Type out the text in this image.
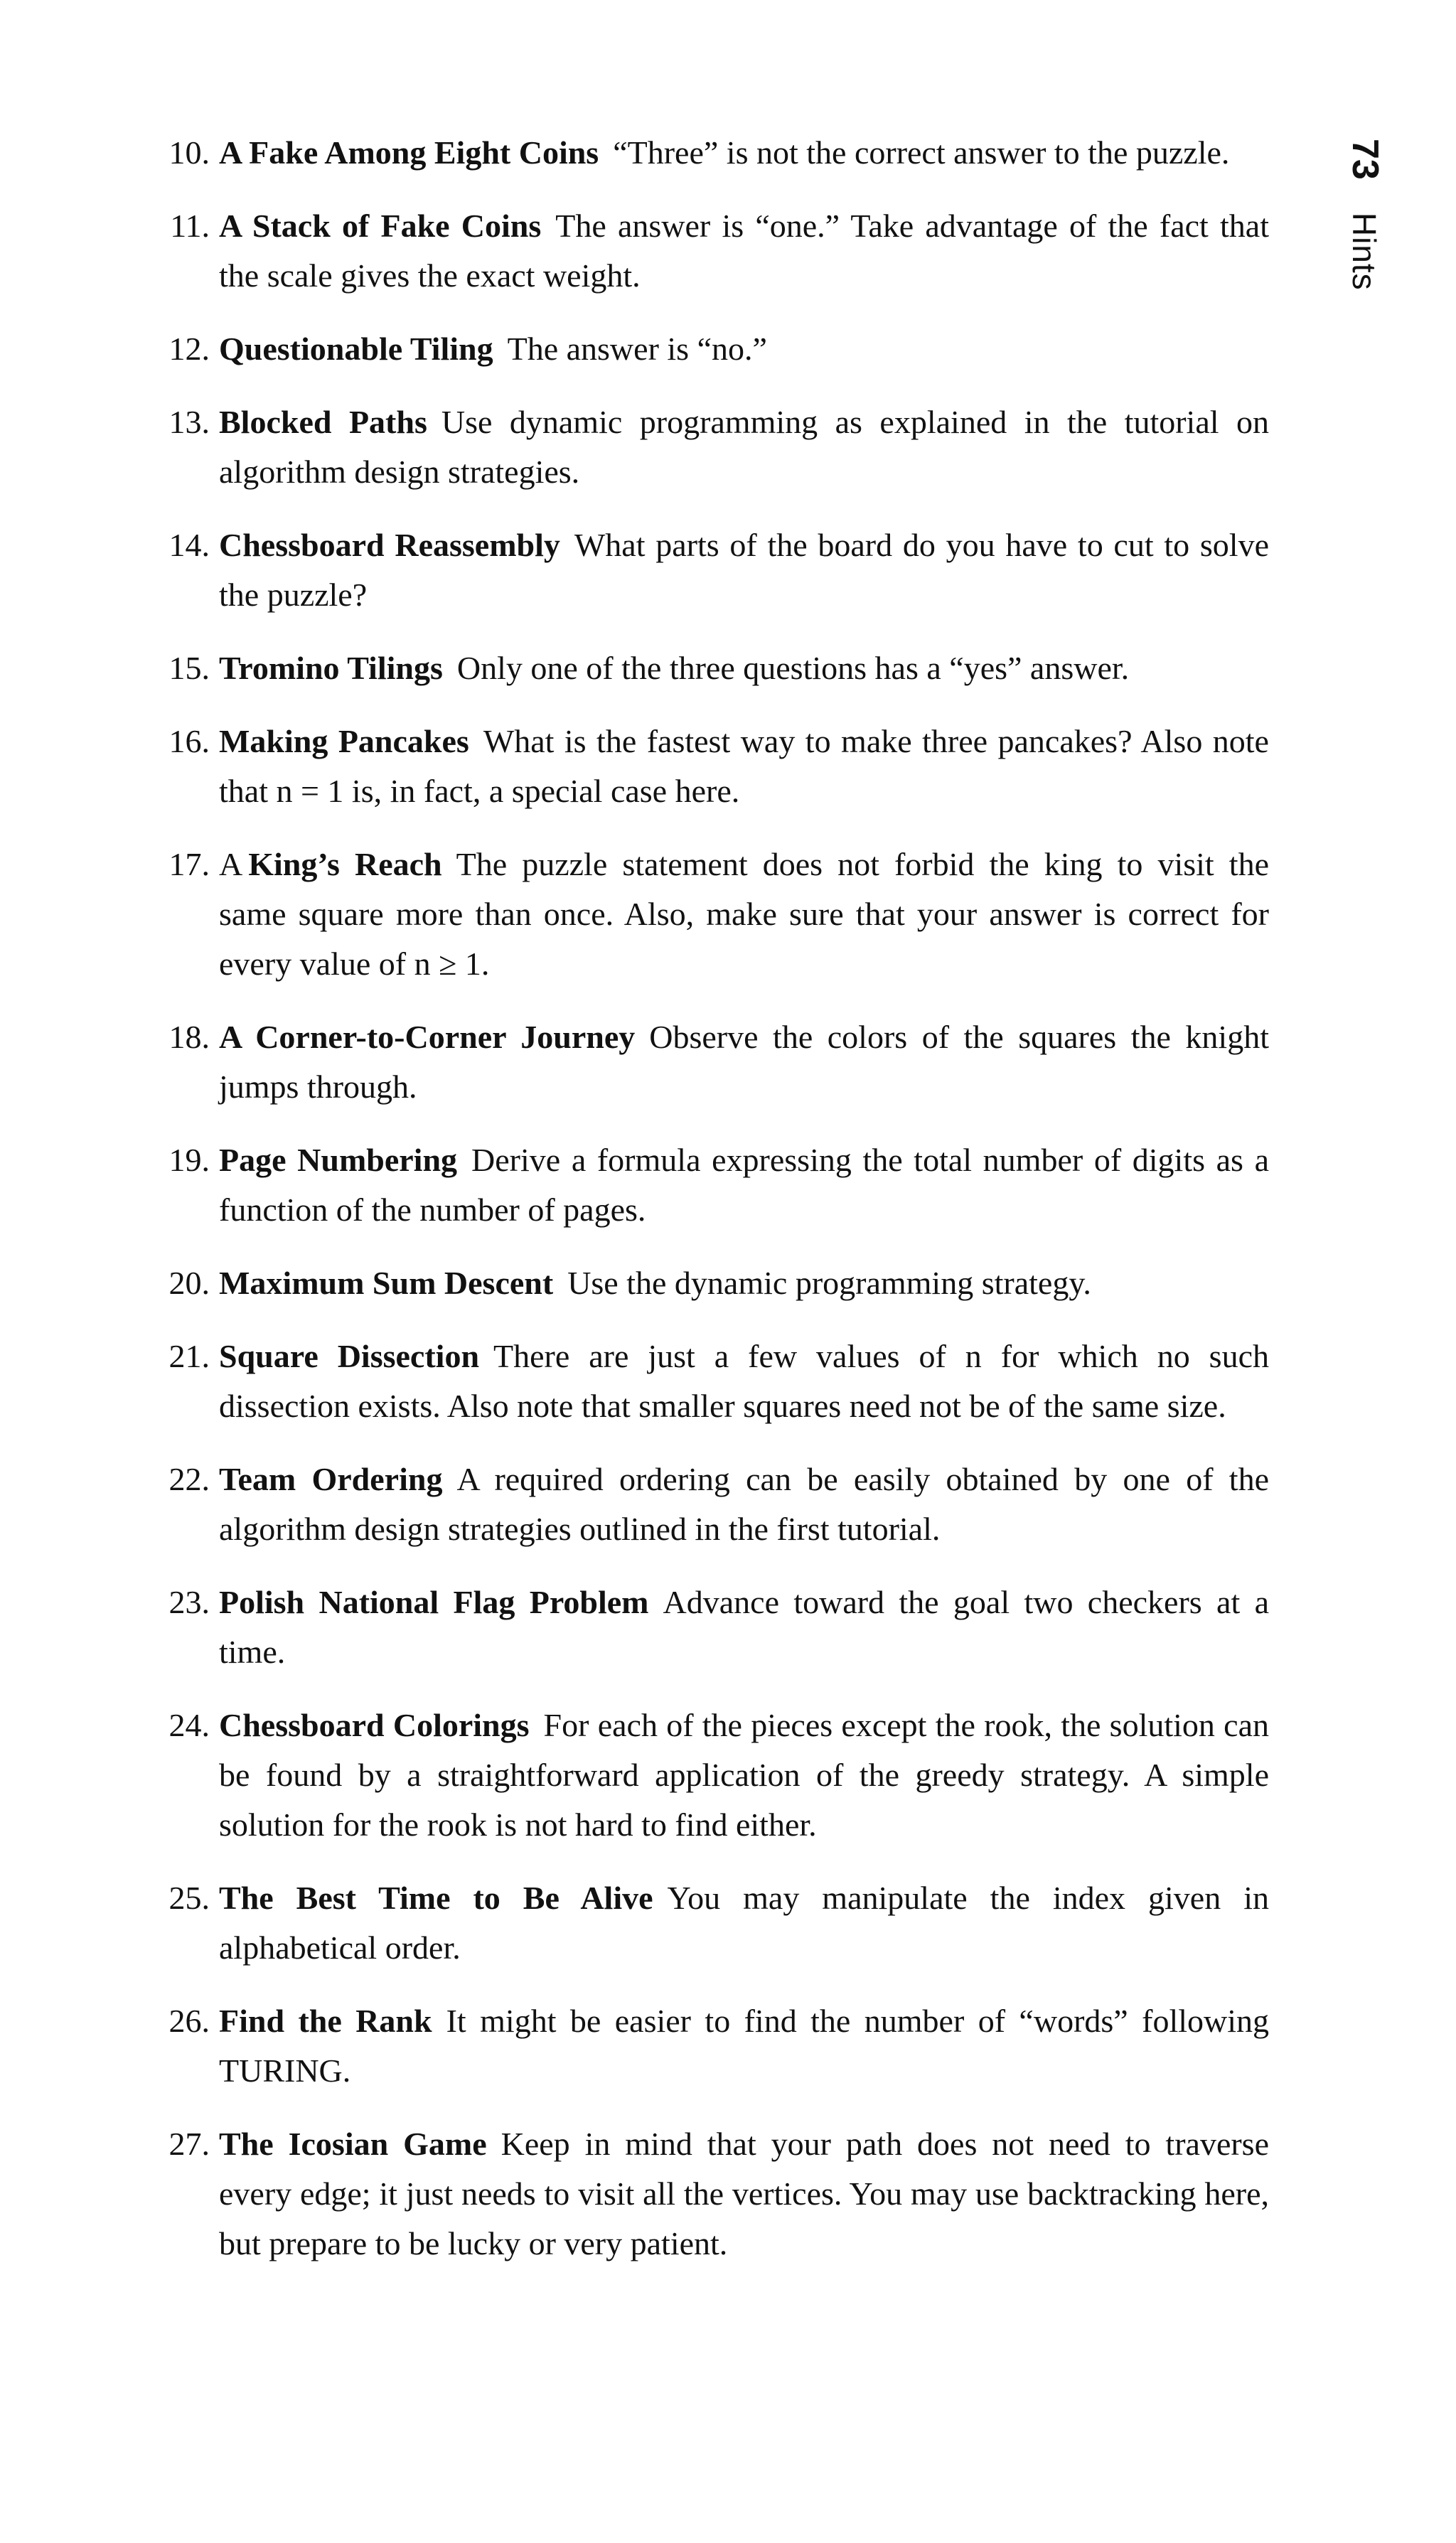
73
Hints
10. A Fake Among Eight Coins “Three” is not the correct answer to the puzzle.
11. A Stack of Fake Coins The answer is “one.” Take advantage of the fact that the scale gives the exact weight.
12. Questionable Tiling The answer is “no.”
13. Blocked Paths Use dynamic programming as explained in the tutorial on algorithm design strategies.
14. Chessboard Reassembly What parts of the board do you have to cut to solve the puzzle?
15. Tromino Tilings Only one of the three questions has a “yes” answer.
16. Making Pancakes What is the fastest way to make three pancakes? Also note that n = 1 is, in fact, a special case here.
17. A King’s Reach The puzzle statement does not forbid the king to visit the same square more than once. Also, make sure that your answer is correct for every value of n ≥ 1.
18. A Corner-to-Corner Journey Observe the colors of the squares the knight jumps through.
19. Page Numbering Derive a formula expressing the total number of digits as a function of the number of pages.
20. Maximum Sum Descent Use the dynamic programming strategy.
21. Square Dissection There are just a few values of n for which no such dissection exists. Also note that smaller squares need not be of the same size.
22. Team Ordering A required ordering can be easily obtained by one of the algorithm design strategies outlined in the first tutorial.
23. Polish National Flag Problem Advance toward the goal two checkers at a time.
24. Chessboard Colorings For each of the pieces except the rook, the solution can be found by a straightforward application of the greedy strategy. A simple solution for the rook is not hard to find either.
25. The Best Time to Be Alive You may manipulate the index given in alphabetical order.
26. Find the Rank It might be easier to find the number of “words” following TURING.
27. The Icosian Game Keep in mind that your path does not need to traverse every edge; it just needs to visit all the vertices. You may use backtracking here, but prepare to be lucky or very patient.
